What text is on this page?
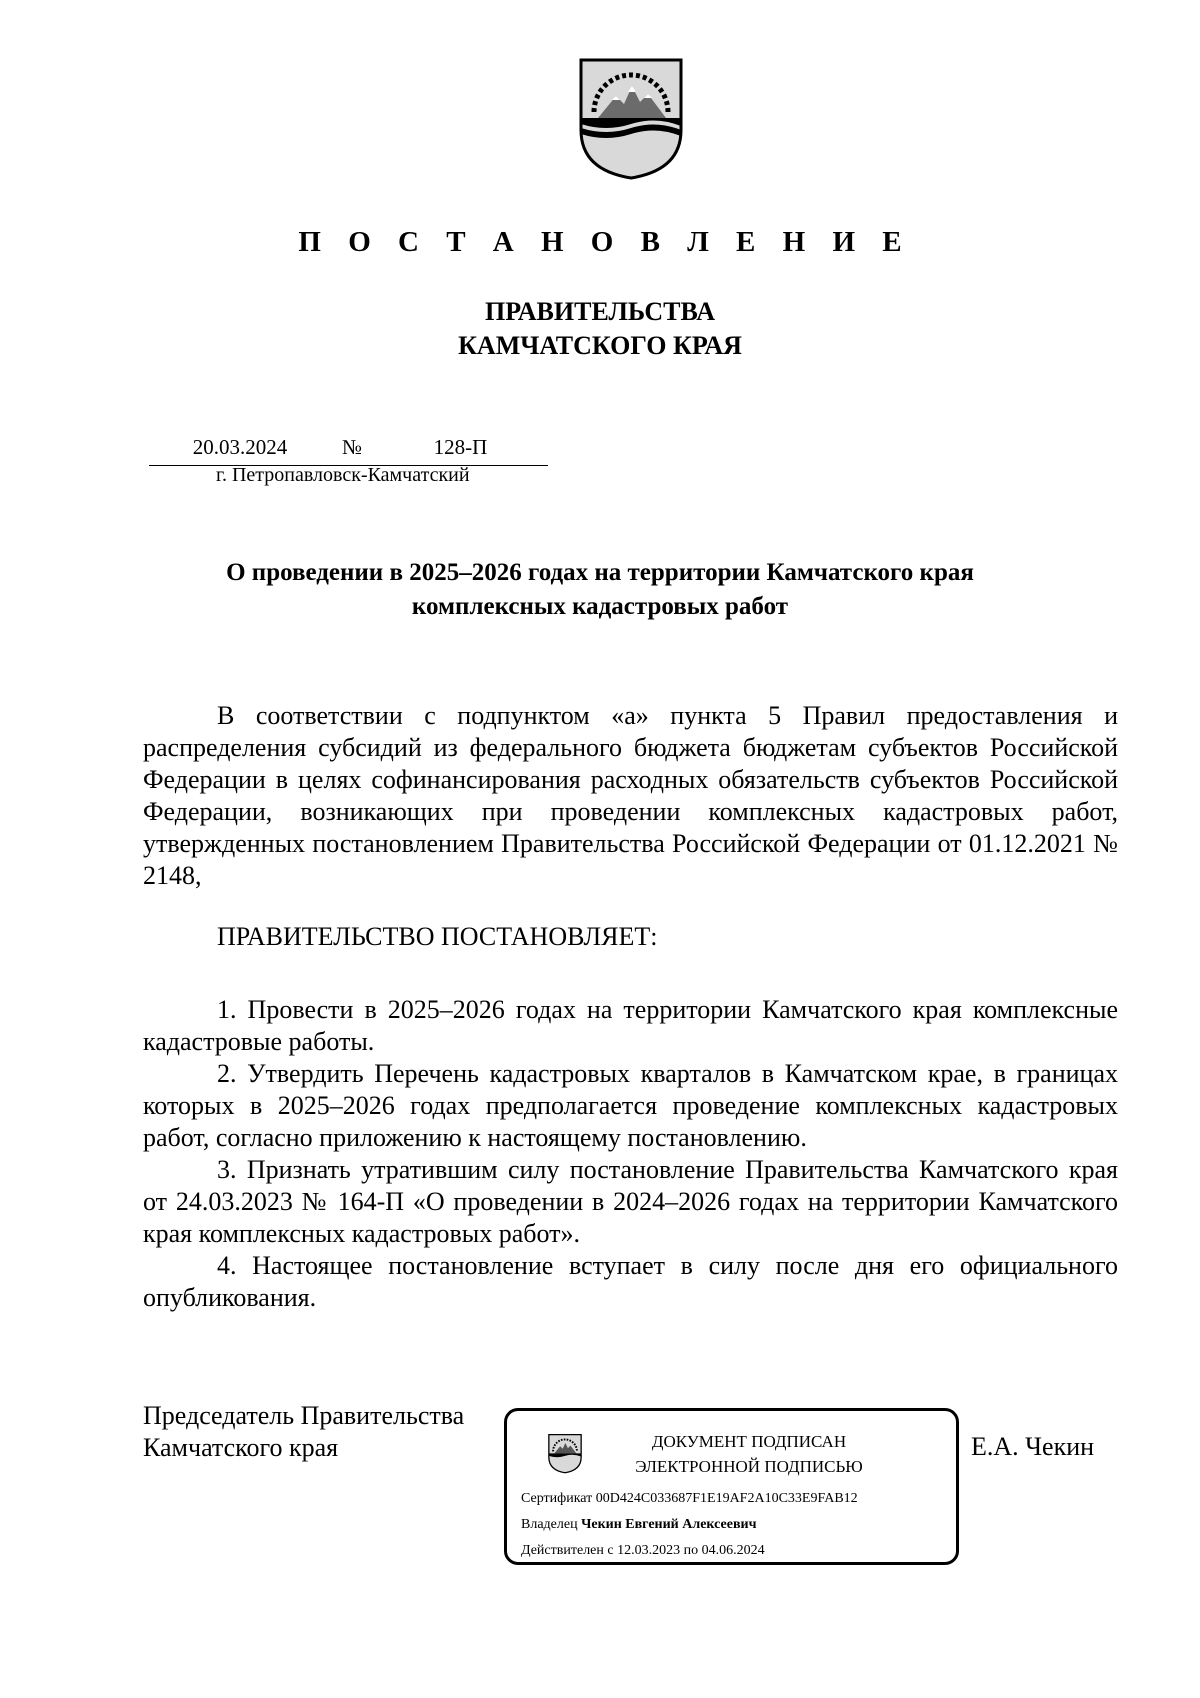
П О С Т А Н О В Л Е Н И Е
ПРАВИТЕЛЬСТВА
КАМЧАТСКОГО КРАЯ
20.03.2024	№	128-П
г. Петропавловск-Камчатский
О проведении в 2025–2026 годах на территории Камчатского края
комплексных кадастровых работ

В соответствии с подпунктом «а» пункта 5 Правил предоставления и распределения субсидий из федерального бюджета бюджетам субъектов Российской Федерации в целях софинансирования расходных обязательств субъектов Российской Федерации, возникающих при проведении комплексных кадастровых работ, утвержденных постановлением Правительства Российской Федерации от 01.12.2021 № 2148,

ПРАВИТЕЛЬСТВО ПОСТАНОВЛЯЕТ:

1. Провести в 2025–2026 годах на территории Камчатского края комплексные кадастровые работы.

2. Утвердить Перечень кадастровых кварталов в Камчатском крае, в границах которых в 2025–2026 годах предполагается проведение комплексных кадастровых работ, согласно приложению к настоящему постановлению.

3. Признать утратившим силу постановление Правительства Камчатского края от 24.03.2023 № 164-П «О проведении в 2024–2026 годах на территории Камчатского края комплексных кадастровых работ».

4. Настоящее постановление вступает в силу после дня его официального опубликования.

Председатель Правительства
Камчатского края	ДОКУМЕНТ ПОДПИСАН
ЭЛЕКТРОННОЙ ПОДПИСЬЮ
Сертификат 00D424C033687F1E19AF2A10C33E9FAB12
Владелец Чекин Евгений Алексеевич
Действителен с 12.03.2023 по 04.06.2024
Е.А. Чекин
